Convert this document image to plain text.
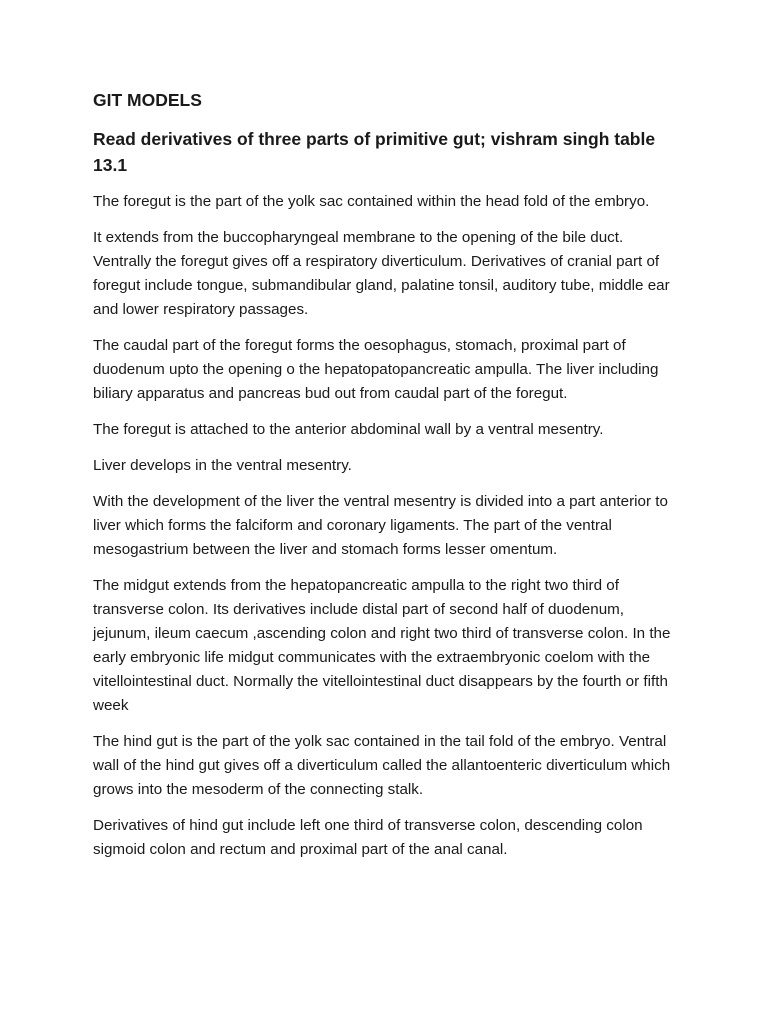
GIT MODELS
Read derivatives of three parts of primitive gut; vishram singh table 13.1

The foregut is the part of the yolk sac contained within the head fold of the embryo.

It extends from the buccopharyngeal membrane to the opening of the bile duct. Ventrally the foregut gives off a respiratory diverticulum. Derivatives of cranial part of foregut include tongue, submandibular gland, palatine tonsil, auditory tube, middle ear and lower respiratory passages.

The caudal part of the foregut forms the oesophagus, stomach, proximal part of duodenum upto the opening o the hepatopatopancreatic ampulla. The liver including biliary apparatus and pancreas bud out from caudal part of the foregut.

The foregut is attached to the anterior abdominal wall by a ventral mesentry.

Liver develops in the ventral mesentry.

With the development of the liver the ventral mesentry is divided into a part anterior to liver which forms the falciform and coronary ligaments. The part of the ventral mesogastrium between the liver and stomach forms lesser omentum.

The midgut extends from the hepatopancreatic ampulla to the right two third of transverse colon. Its derivatives include distal part of second half of duodenum, jejunum, ileum caecum ,ascending colon and right two third of transverse colon. In the early embryonic life midgut communicates with the extraembryonic coelom with the vitellointestinal duct. Normally the vitellointestinal duct disappears by the fourth or fifth week

The hind gut is the part of the yolk sac contained in the tail fold of the embryo. Ventral wall of the hind gut gives off a diverticulum called the allantoenteric diverticulum which grows into the mesoderm of the connecting stalk.

Derivatives of hind gut include left one third of transverse colon, descending colon sigmoid colon and rectum and proximal part of the anal canal.
